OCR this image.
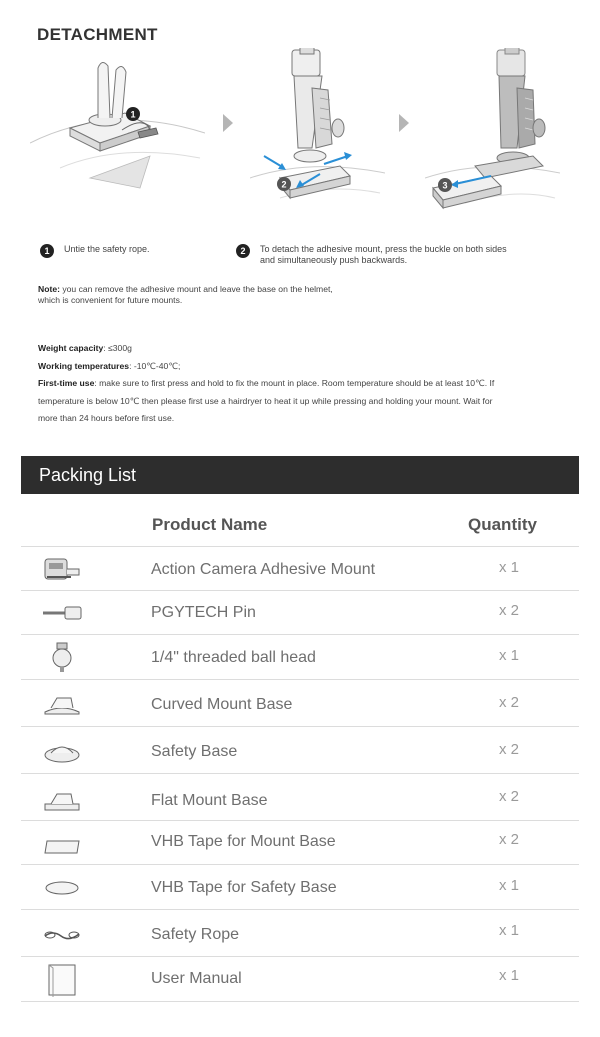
DETACHMENT
1
2	3
1	Untie the safety rope.	2	To detach the adhesive mount, press the buckle on both sides
and simultaneously push backwards.
Note: you can remove the adhesive mount and leave the base on the helmet,
which is convenient for future mounts.
Weight capacity: ≤300g
Working temperatures: -10℃-40℃;
First-time use: make sure to first press and hold to fix the mount in place. Room temperature should be at least 10℃. If
temperature is below 10℃ then please first use a hairdryer to heat it up while pressing and holding your mount. Wait for
more than 24 hours before first use.
Packing List
Product Name	Quantity
Action Camera Adhesive Mount	x 1
PGYTECH Pin	x 2
1/4" threaded ball head	x 1
Curved Mount Base	x 2
Safety Base	x 2
Flat Mount Base	x 2
VHB Tape for Mount Base	x 2
VHB Tape for Safety Base	x 1
Safety Rope	x 1
User Manual	x 1
